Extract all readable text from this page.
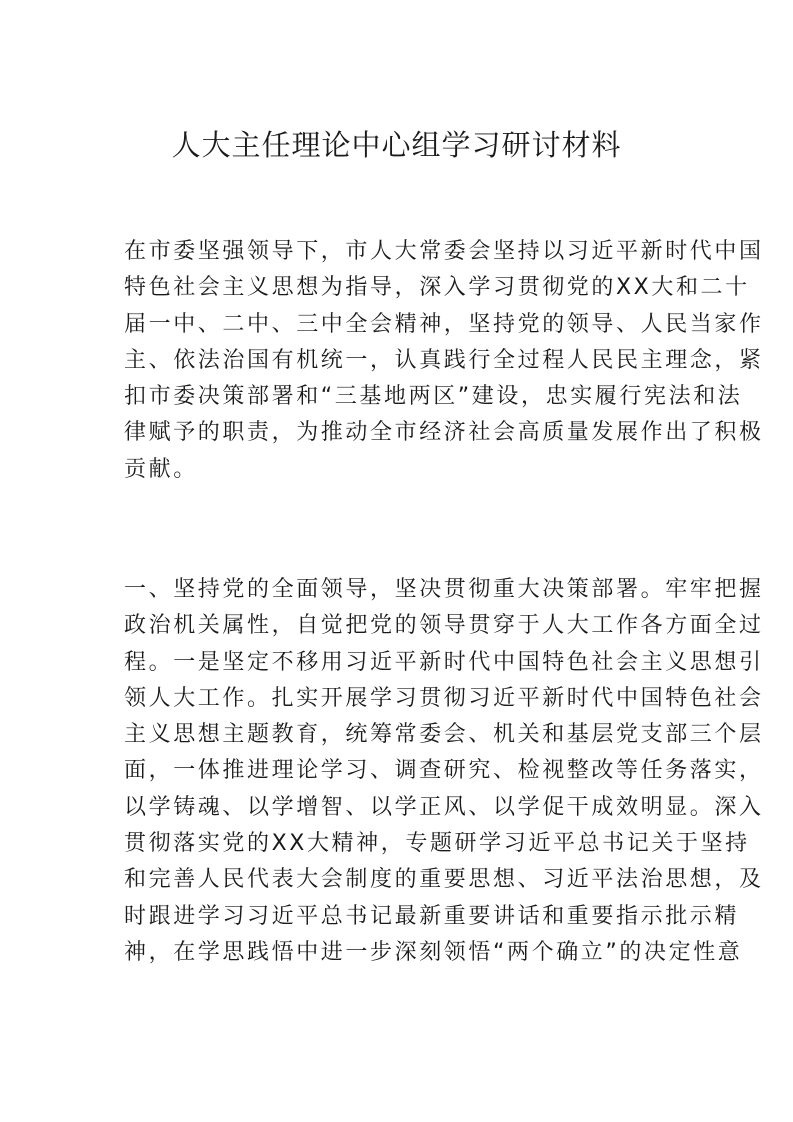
人大主任理论中心组学习研讨材料
在市委坚强领导下，市人大常委会坚持以习近平新时代中国
特色社会主义思想为指导，深入学习贯彻党的XX大和二十
届一中、二中、三中全会精神，坚持党的领导、人民当家作
主、依法治国有机统一，认真践行全过程人民民主理念，紧
扣市委决策部署和“三基地两区”建设，忠实履行宪法和法
律赋予的职责，为推动全市经济社会高质量发展作出了积极
贡献。
一、坚持党的全面领导，坚决贯彻重大决策部署。牢牢把握
政治机关属性，自觉把党的领导贯穿于人大工作各方面全过
程。一是坚定不移用习近平新时代中国特色社会主义思想引
领人大工作。扎实开展学习贯彻习近平新时代中国特色社会
主义思想主题教育，统筹常委会、机关和基层党支部三个层
面，一体推进理论学习、调查研究、检视整改等任务落实，
以学铸魂、以学增智、以学正风、以学促干成效明显。深入
贯彻落实党的XX大精神，专题研学习近平总书记关于坚持
和完善人民代表大会制度的重要思想、习近平法治思想，及
时跟进学习习近平总书记最新重要讲话和重要指示批示精
神，在学思践悟中进一步深刻领悟“两个确立”的决定性意
